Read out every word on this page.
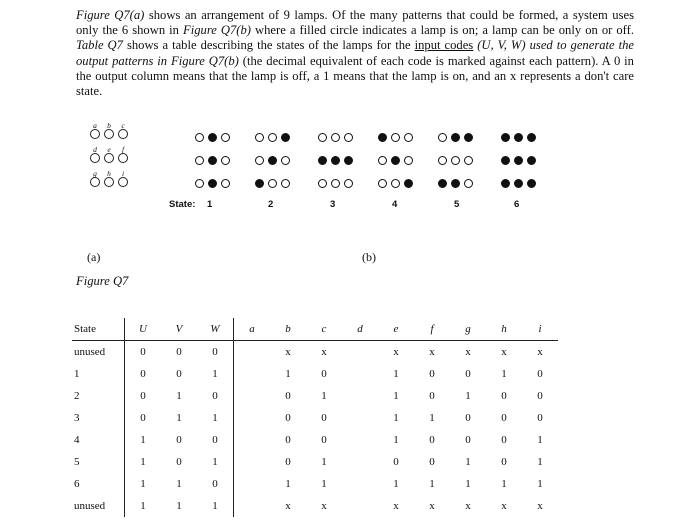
Figure Q7(a) shows an arrangement of 9 lamps. Of the many patterns that could be formed, a system uses only the 6 shown in Figure Q7(b) where a filled circle indicates a lamp is on; a lamp can be only on or off. Table Q7 shows a table describing the states of the lamps for the input codes (U, V, W) used to generate the output patterns in Figure Q7(b) (the decimal equivalent of each code is marked against each pattern). A 0 in the output column means that the lamp is off, a 1 means that the lamp is on, and an x represents a don't care state.
a	b	c
d	e	f
g	h	i
State: 1	2	3	4	5	6
(a)	(b)
Figure Q7
State	U	V	W	a	b	c	d	e	f	g	h	i
unused	0	0	0		x	x		x	x	x	x	x
1	0	0	1		1	0		1	0	0	1	0
2	0	1	0		0	1		1	0	1	0	0
3	0	1	1		0	0		1	1	0	0	0
4	1	0	0		0	0		1	0	0	0	1
5	1	0	1		0	1		0	0	1	0	1
6	1	1	0		1	1		1	1	1	1	1
unused	1	1	1		x	x		x	x	x	x	x
